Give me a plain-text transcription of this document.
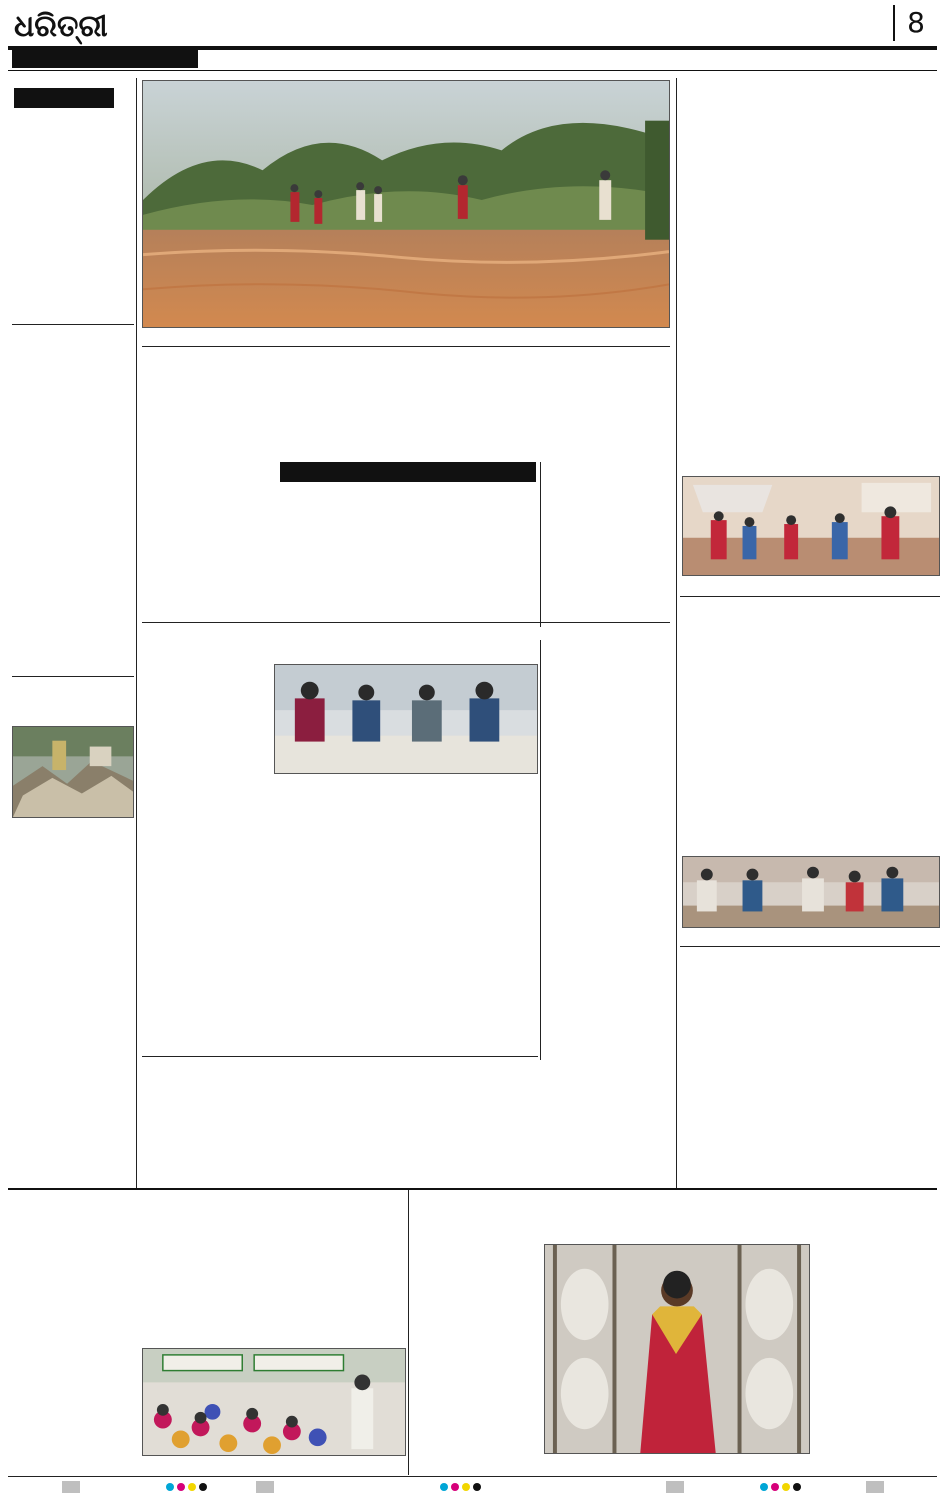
ଧରିତ୍ରୀ	8
